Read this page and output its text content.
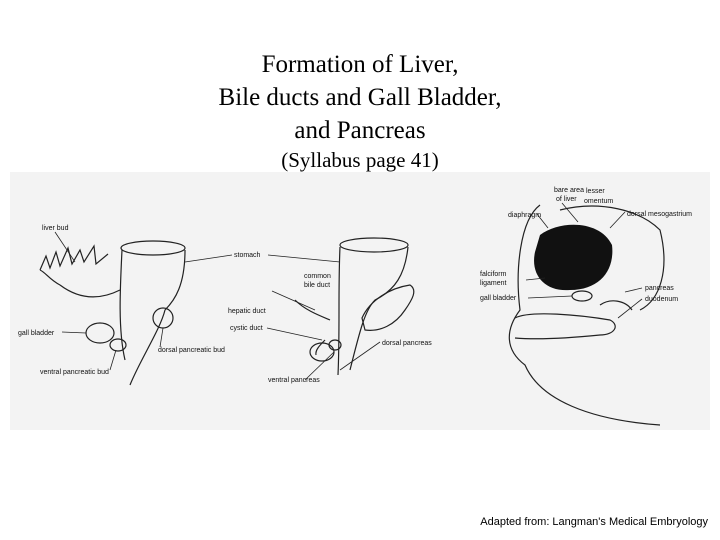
Formation of Liver,
Bile ducts and Gall Bladder,
and Pancreas
(Syllabus page 41)
liver bud
stomach
common
bile duct
hepatic duct
cystic duct
gall bladder
dorsal pancreatic bud
dorsal pancreas
ventral pancreatic bud
ventral pancreas
bare area
of liver
lesser
omentum
dorsal mesogastrium
diaphragm
falciform
ligament
gall bladder
pancreas
duodenum
Adapted from: Langman's Medical Embryology
